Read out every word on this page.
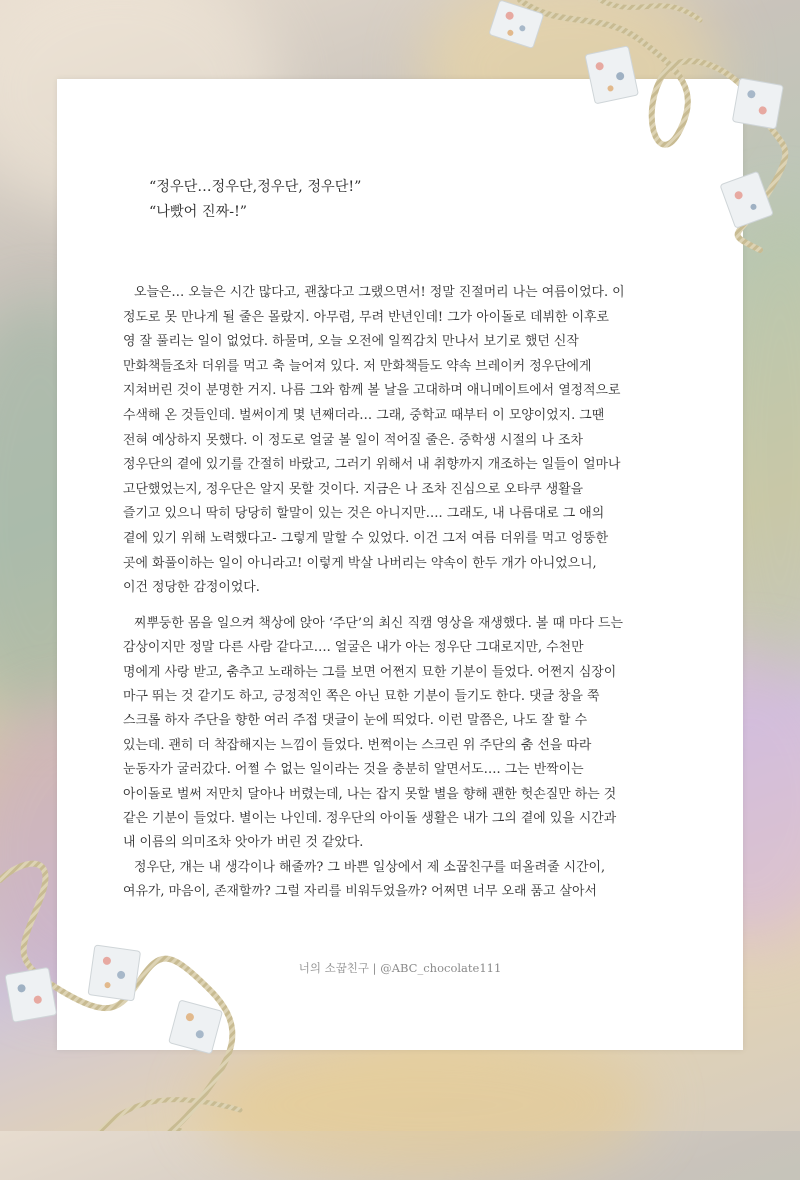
“정우단…정우단,정우단, 정우단!”
“나빴어 진짜-!”
오늘은… 오늘은 시간 많다고, 괜찮다고 그랬으면서! 정말 진절머리 나는 여름이었다. 이
정도로 못 만나게 될 줄은 몰랐지. 아무렴, 무려 반년인데! 그가 아이돌로 데뷔한 이후로
영 잘 풀리는 일이 없었다. 하물며, 오늘 오전에 일찍감치 만나서 보기로 했던 신작
만화책들조차 더위를 먹고 축 늘어져 있다. 저 만화책들도 약속 브레이커 정우단에게
지쳐버린 것이 분명한 거지. 나름 그와 함께 볼 날을 고대하며 애니메이트에서 열정적으로
수색해 온 것들인데. 벌써이게 몇 년째더라… 그래, 중학교 때부터 이 모양이었지. 그땐
전혀 예상하지 못했다. 이 정도로 얼굴 볼 일이 적어질 줄은. 중학생 시절의 나 조차
정우단의 곁에 있기를 간절히 바랐고, 그러기 위해서 내 취향까지 개조하는 일들이 얼마나
고단했었는지, 정우단은 알지 못할 것이다. 지금은 나 조차 진심으로 오타쿠 생활을
즐기고 있으니 딱히 당당히 할말이 있는 것은 아니지만…. 그래도, 내 나름대로 그 애의
곁에 있기 위해 노력했다고- 그렇게 말할 수 있었다. 이건 그저 여름 더위를 먹고 엉뚱한
곳에 화풀이하는 일이 아니라고! 이렇게 박살 나버리는 약속이 한두 개가 아니었으니,
이건 정당한 감정이었다.
찌뿌둥한 몸을 일으켜 책상에 앉아 ‘주단’의 최신 직캠 영상을 재생했다. 볼 때 마다 드는
감상이지만 정말 다른 사람 같다고…. 얼굴은 내가 아는 정우단 그대로지만, 수천만
명에게 사랑 받고, 춤추고 노래하는 그를 보면 어쩐지 묘한 기분이 들었다. 어쩐지 심장이
마구 뛰는 것 같기도 하고, 긍정적인 쪽은 아닌 묘한 기분이 들기도 한다. 댓글 창을 쭉
스크롤 하자 주단을 향한 여러 주접 댓글이 눈에 띄었다. 이런 말쯤은, 나도 잘 할 수
있는데. 괜히 더 착잡해지는 느낌이 들었다. 번쩍이는 스크린 위 주단의 춤 선을 따라
눈동자가 굴러갔다. 어쩔 수 없는 일이라는 것을 충분히 알면서도…. 그는 반짝이는
아이돌로 벌써 저만치 달아나 버렸는데, 나는 잡지 못할 별을 향해 괜한 헛손질만 하는 것
같은 기분이 들었다. 별이는 나인데. 정우단의 아이돌 생활은 내가 그의 곁에 있을 시간과
내 이름의 의미조차 앗아가 버린 것 같았다.
정우단, 걔는 내 생각이나 해줄까? 그 바쁜 일상에서 제 소꿉친구를 떠올려줄 시간이,
여유가, 마음이, 존재할까? 그럴 자리를 비워두었을까? 어쩌면 너무 오래 품고 살아서
너의 소꿉친구 | @ABC_chocolate111
